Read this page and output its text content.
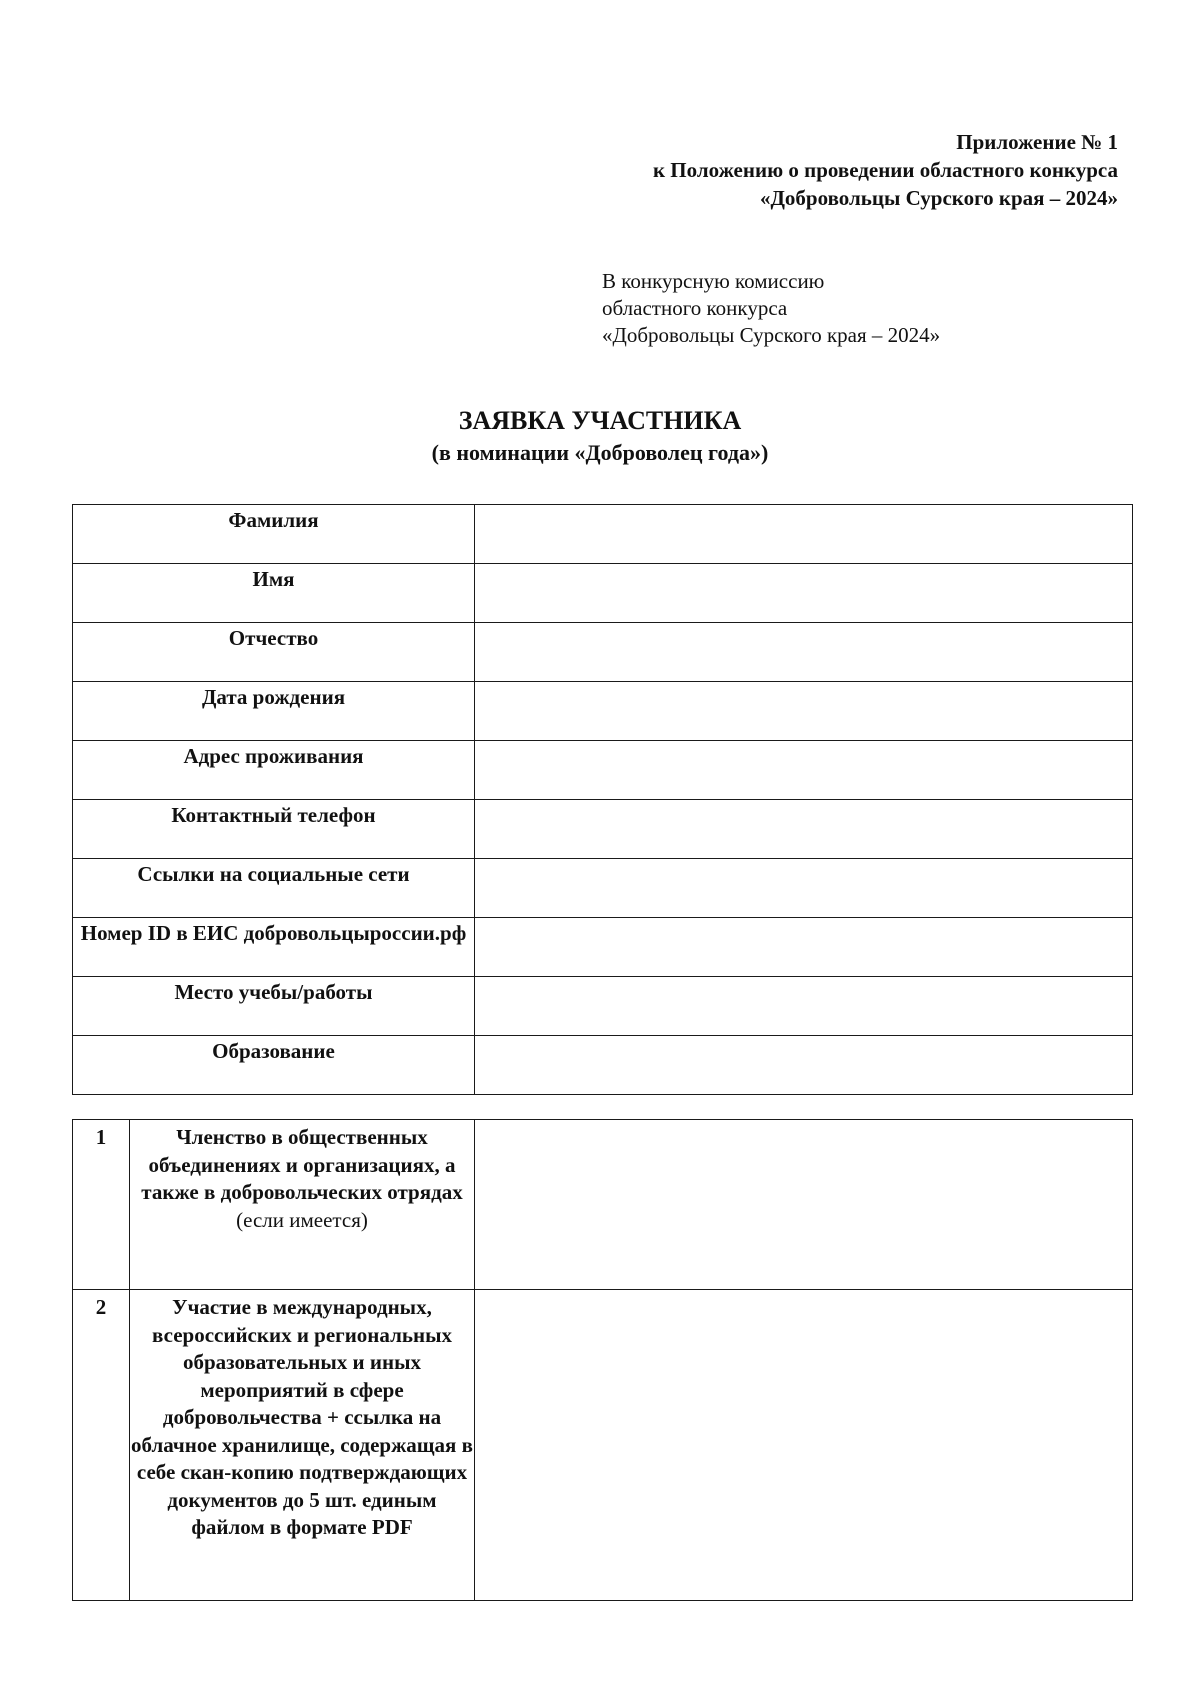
Приложение № 1
к Положению о проведении областного конкурса
«Добровольцы Сурского края – 2024»
В конкурсную комиссию
областного конкурса
«Добровольцы Сурского края – 2024»
ЗАЯВКА УЧАСТНИКА
(в номинации «Доброволец года»)
Фамилия	
Имя	
Отчество	
Дата рождения	
Адрес проживания	
Контактный телефон	
Ссылки на социальные сети	
Номер ID в ЕИС добровольцыроссии.рф	
Место учебы/работы	
Образование	
1	Членство в общественных объединениях и организациях, а также в добровольческих отрядах
(если имеется)	
2	Участие в международных, всероссийских и региональных образовательных и иных мероприятий в сфере добровольчества + ссылка на облачное хранилище, содержащая в себе скан-копию подтверждающих документов до 5 шт. единым файлом в формате PDF	
